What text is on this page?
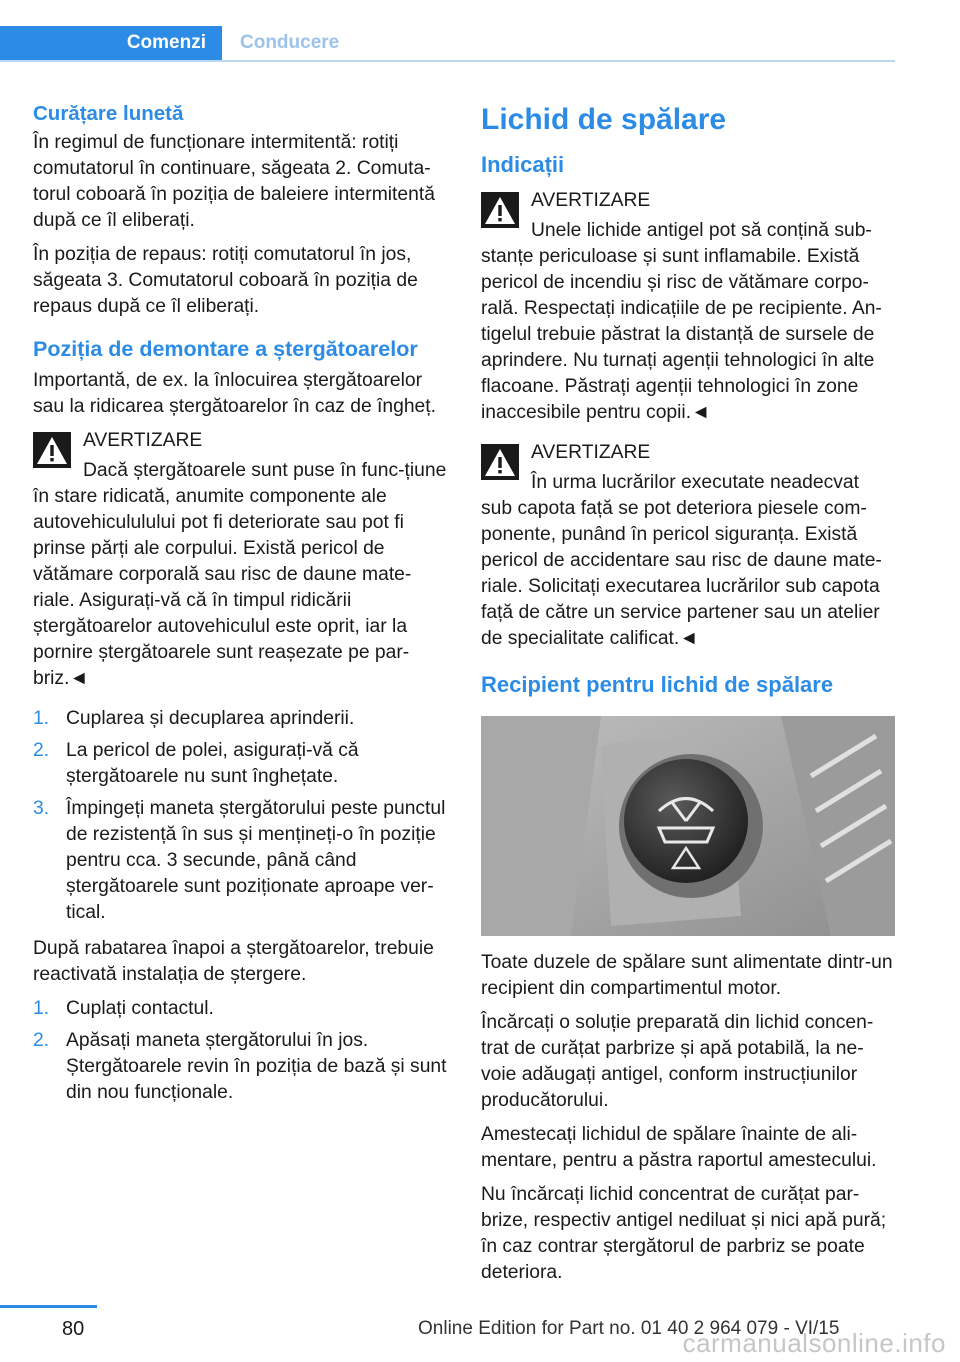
Comenzi	Conducere
Curățare lunetă

În regimul de funcționare intermitentă: rotiți comutatorul în continuare, săgeata 2. Comuta‐torul coboară în poziția de baleiere intermitentă după ce îl eliberați.

În poziția de repaus: rotiți comutatorul în jos, săgeata 3. Comutatorul coboară în poziția de repaus după ce îl eliberați.

Poziția de demontare a ștergătoarelor

Importantă, de ex. la înlocuirea ștergătoarelor sau la ridicarea ștergătoarelor în caz de îngheț.

AVERTIZARE
Dacă ștergătoarele sunt puse în func‐țiune în stare ridicată, anumite componente ale autovehicululului pot fi deteriorate sau pot fi prinse părți ale corpului. Există pericol de vătămare corporală sau risc de daune mate‐riale. Asigurați-vă că în timpul ridicării ștergătoarelor autovehiculul este oprit, iar la pornire ștergătoarele sunt reașezate pe par‐briz.◄
1. Cuplarea și decuplarea aprinderii.
2. La pericol de polei, asigurați-vă că ștergătoarele nu sunt înghețate.
3. Împingeți maneta ștergătorului peste punctul de rezistență în sus și mențineți-o în poziție pentru cca. 3 secunde, până când ștergătoarele sunt poziționate aproape ver‐tical.

După rabatarea înapoi a ștergătoarelor, trebuie reactivată instalația de ștergere.

1. Cuplați contactul.
2. Apăsați maneta ștergătorului în jos. Ștergătoarele revin în poziția de bază și sunt din nou funcționale.
Lichid de spălare
Indicații
AVERTIZARE
Unele lichide antigel pot să conțină sub‐stanțe periculoase și sunt inflamabile. Există pericol de incendiu și risc de vătămare corpo‐rală. Respectați indicațiile de pe recipiente. An‐tigelul trebuie păstrat la distanță de sursele de aprindere. Nu turnați agenții tehnologici în alte flacoane. Păstrați agenții tehnologici în zone inaccesibile pentru copii.◄
AVERTIZARE
În urma lucrărilor executate neadecvat sub capota față se pot deteriora piesele com‐ponente, punând în pericol siguranța. Există pericol de accidentare sau risc de daune mate‐riale. Solicitați executarea lucrărilor sub capota față de către un service partener sau un atelier de specialitate calificat.◄
Recipient pentru lichid de spălare

Toate duzele de spălare sunt alimentate dintr-un recipient din compartimentul motor.

Încărcați o soluție preparată din lichid concen‐trat de curățat parbrize și apă potabilă, la ne‐voie adăugați antigel, conform instrucțiunilor producătorului.

Amestecați lichidul de spălare înainte de ali‐mentare, pentru a păstra raportul amestecului.

Nu încărcați lichid concentrat de curățat par‐brize, respectiv antigel nediluat și nici apă pură; în caz contrar ștergătorul de parbriz se poate deteriora.

80	Online Edition for Part no. 01 40 2 964 079 - VI/15
carmanualsonline.info
